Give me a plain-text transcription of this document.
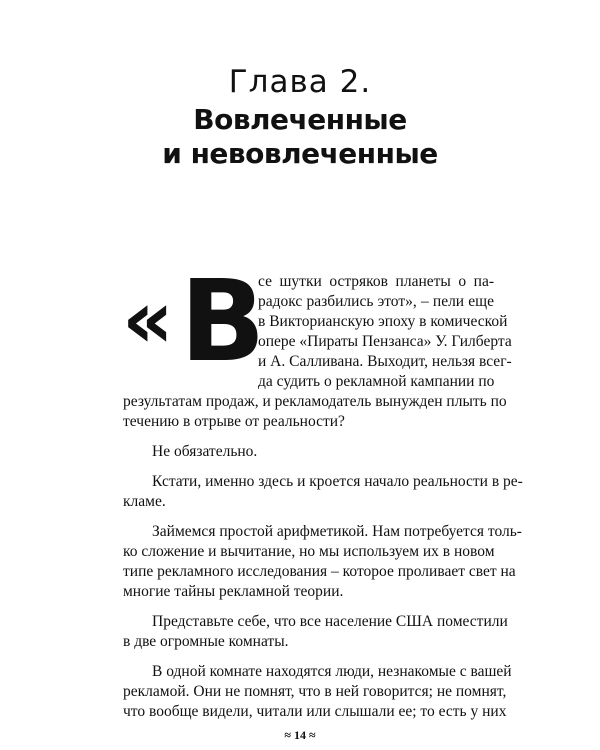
Глава 2.
Вовлеченные
и невовлеченные
« В
се шутки остряков планеты о па-
радокс разбились этот», – пели еще
в Викторианскую эпоху в комической
опере «Пираты Пензанса» У. Гилберта
и А. Салливана. Выходит, нельзя всег-
да судить о рекламной кампании по
результатам продаж, и рекламодатель вынужден плыть по
течению в отрыве от реальности?
Не обязательно.
Кстати, именно здесь и кроется начало реальности в ре-
кламе.
Займемся простой арифметикой. Нам потребуется толь-
ко сложение и вычитание, но мы используем их в новом
типе рекламного исследования – которое проливает свет на
многие тайны рекламной теории.
Представьте себе, что все население США поместили
в две огромные комнаты.
В одной комнате находятся люди, незнакомые с вашей
рекламой. Они не помнят, что в ней говорится; не помнят,
что вообще видели, читали или слышали ее; то есть у них
≈ 14 ≈
